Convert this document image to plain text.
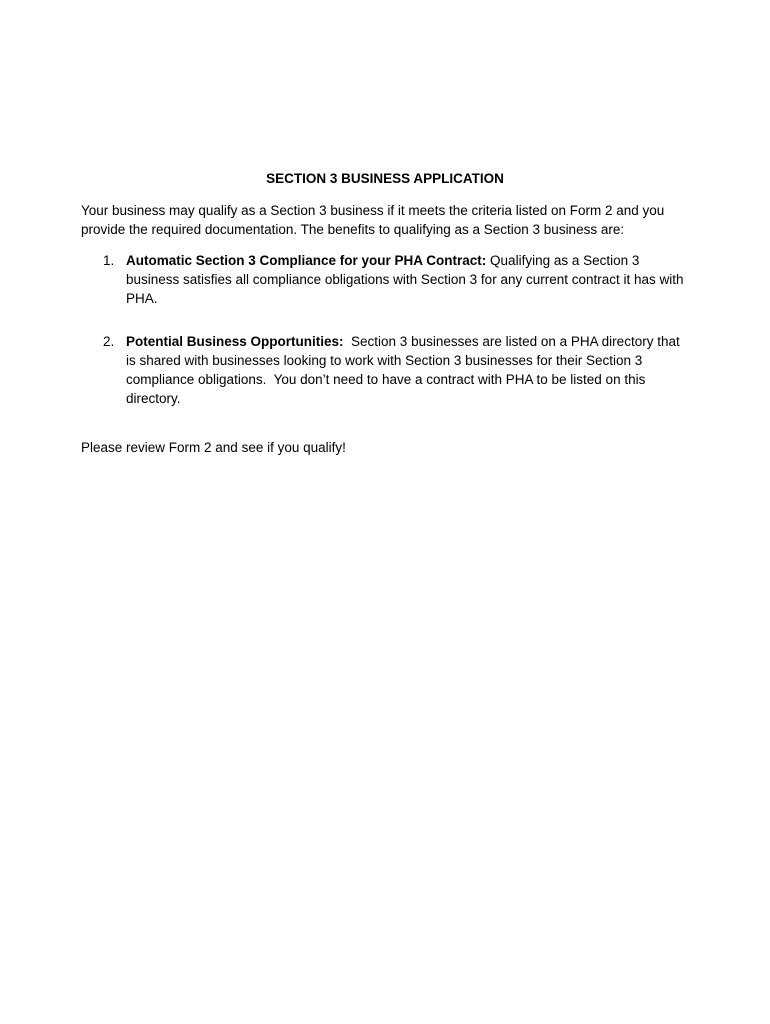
SECTION 3 BUSINESS APPLICATION
Your business may qualify as a Section 3 business if it meets the criteria listed on Form 2 and you provide the required documentation. The benefits to qualifying as a Section 3 business are:
1. Automatic Section 3 Compliance for your PHA Contract: Qualifying as a Section 3 business satisfies all compliance obligations with Section 3 for any current contract it has with PHA.
2. Potential Business Opportunities:  Section 3 businesses are listed on a PHA directory that is shared with businesses looking to work with Section 3 businesses for their Section 3 compliance obligations.  You don’t need to have a contract with PHA to be listed on this directory.
Please review Form 2 and see if you qualify!
